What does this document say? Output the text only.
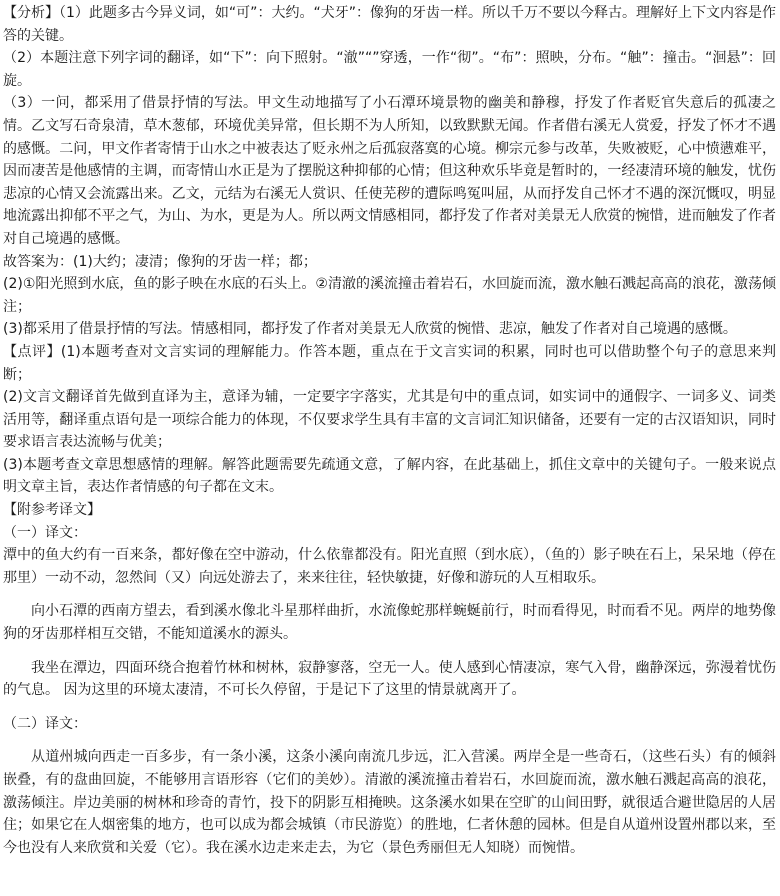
【分析】（1）此题多古今异义词，如“可”：大约。“犬牙”：像狗的牙齿一样。所以千万不要以今释古。理解好上下文内容是作答的关键。

（2）本题注意下列字词的翻译，如“下”：向下照射。“澈”“”穿透，一作“彻”。“布”：照映，分布。“触”：撞击。“洄悬”：回旋。

（3）一问，都采用了借景抒情的写法。甲文生动地描写了小石潭环境景物的幽美和静穆，抒发了作者贬官失意后的孤凄之情。乙文写石奇泉清，草木葱郁，环境优美异常，但长期不为人所知，以致默默无闻。作者借右溪无人赏爱，抒发了怀才不遇的感慨。二问，甲文作者寄情于山水之中被表达了贬永州之后孤寂落寞的心境。柳宗元参与改革，失败被贬，心中愤懑难平，因而凄苦是他感情的主调，而寄情山水正是为了摆脱这种抑郁的心情；但这种欢乐毕竟是暂时的，一经凄清环境的触发，忧伤悲凉的心情又会流露出来。乙文，元结为右溪无人赏识、任使芜秽的遭际鸣冤叫屈，从而抒发自己怀才不遇的深沉慨叹，明显地流露出抑郁不平之气，为山、为水，更是为人。所以两文情感相同，都抒发了作者对美景无人欣赏的惋惜，进而触发了作者对自己境遇的感慨。

故答案为：(1)大约；凄清；像狗的牙齿一样；都；

(2)①阳光照到水底，鱼的影子映在水底的石头上。②清澈的溪流撞击着岩石，水回旋而流，激水触石溅起高高的浪花，激荡倾注；

(3)都采用了借景抒情的写法。情感相同，都抒发了作者对美景无人欣赏的惋惜、悲凉，触发了作者对自己境遇的感慨。

【点评】(1)本题考查对文言实词的理解能力。作答本题，重点在于文言实词的积累，同时也可以借助整个句子的意思来判断；

(2)文言文翻译首先做到直译为主，意译为辅，一定要字字落实，尤其是句中的重点词，如实词中的通假字、一词多义、词类活用等，翻译重点语句是一项综合能力的体现，不仅要求学生具有丰富的文言词汇知识储备，还要有一定的古汉语知识，同时要求语言表达流畅与优美；

(3)本题考查文章思想感情的理解。解答此题需要先疏通文意，了解内容，在此基础上，抓住文章中的关键句子。一般来说点明文章主旨，表达作者情感的句子都在文末。

【附参考译文】

（一）译文：

潭中的鱼大约有一百来条，都好像在空中游动，什么依靠都没有。阳光直照（到水底），（鱼的）影子映在石上，呆呆地（停在那里）一动不动，忽然间（又）向远处游去了，来来往往，轻快敏捷，好像和游玩的人互相取乐。

向小石潭的西南方望去，看到溪水像北斗星那样曲折，水流像蛇那样蜿蜒前行，时而看得见，时而看不见。两岸的地势像狗的牙齿那样相互交错，不能知道溪水的源头。

我坐在潭边，四面环绕合抱着竹林和树林，寂静寥落，空无一人。使人感到心情凄凉，寒气入骨，幽静深远，弥漫着忧伤的气息。 因为这里的环境太凄清，不可长久停留，于是记下了这里的情景就离开了。

（二）译文：

从道州城向西走一百多步，有一条小溪，这条小溪向南流几步远，汇入营溪。两岸全是一些奇石，（这些石头）有的倾斜嵌叠，有的盘曲回旋，不能够用言语形容（它们的美妙）。清澈的溪流撞击着岩石，水回旋而流，激水触石溅起高高的浪花，激荡倾注。岸边美丽的树林和珍奇的青竹，投下的阴影互相掩映。这条溪水如果在空旷的山间田野，就很适合避世隐居的人居住；如果它在人烟密集的地方，也可以成为都会城镇（市民游览）的胜地，仁者休憩的园林。但是自从道州设置州郡以来，至今也没有人来欣赏和关爱（它）。我在溪水边走来走去，为它（景色秀丽但无人知晓）而惋惜。
